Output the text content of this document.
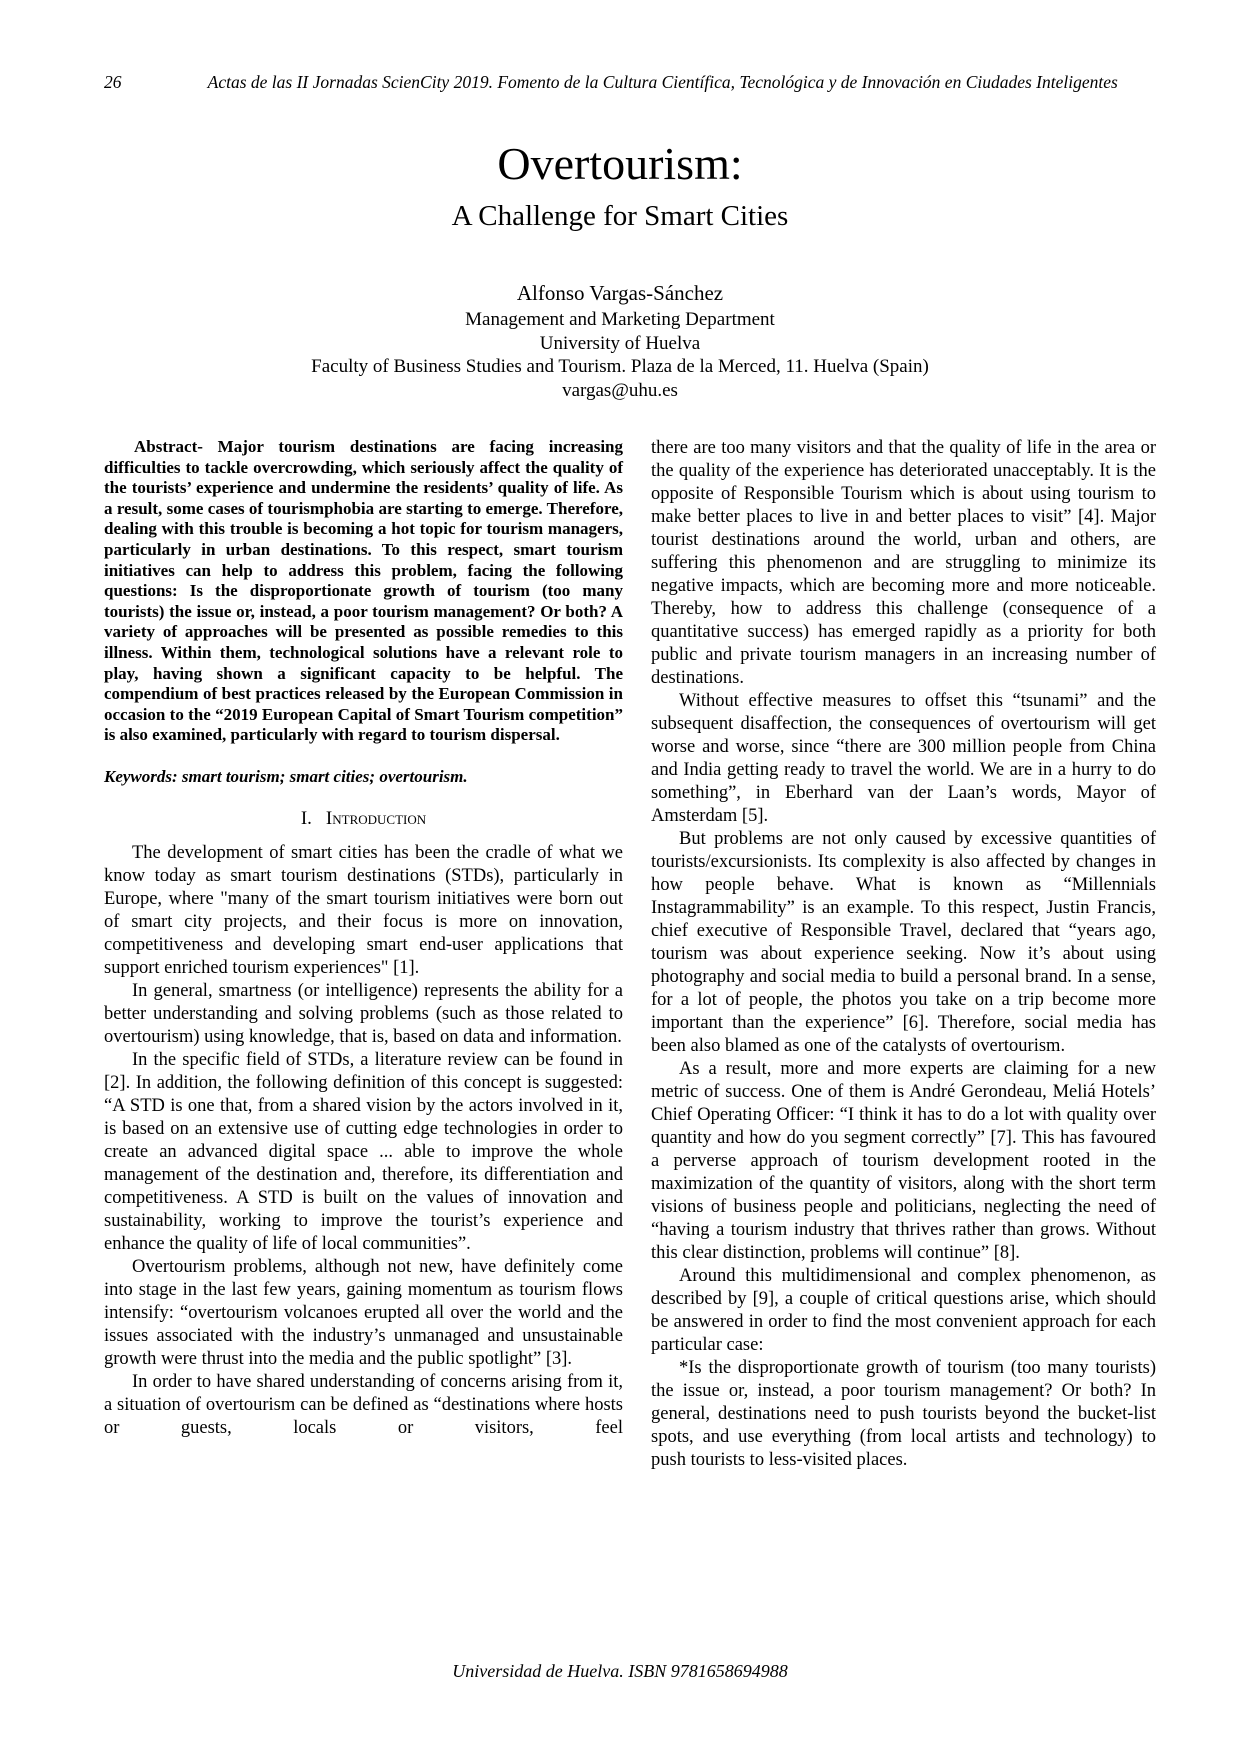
26	Actas de las II Jornadas ScienCity 2019. Fomento de la Cultura Científica, Tecnológica y de Innovación en Ciudades Inteligentes
Overtourism:
A Challenge for Smart Cities
Alfonso Vargas-Sánchez
Management and Marketing Department
University of Huelva
Faculty of Business Studies and Tourism. Plaza de la Merced, 11. Huelva (Spain)
vargas@uhu.es

Abstract- Major tourism destinations are facing increasing difficulties to tackle overcrowding, which seriously affect the quality of the tourists’ experience and undermine the residents’ quality of life. As a result, some cases of tourismphobia are starting to emerge. Therefore, dealing with this trouble is becoming a hot topic for tourism managers, particularly in urban destinations. To this respect, smart tourism initiatives can help to address this problem, facing the following questions: Is the disproportionate growth of tourism (too many tourists) the issue or, instead, a poor tourism management? Or both? A variety of approaches will be presented as possible remedies to this illness. Within them, technological solutions have a relevant role to play, having shown a significant capacity to be helpful. The compendium of best practices released by the European Commission in occasion to the “2019 European Capital of Smart Tourism competition” is also examined, particularly with regard to tourism dispersal.

Keywords: smart tourism; smart cities; overtourism.

I. Introduction

The development of smart cities has been the cradle of what we know today as smart tourism destinations (STDs), particularly in Europe, where "many of the smart tourism initiatives were born out of smart city projects, and their focus is more on innovation, competitiveness and developing smart end-user applications that support enriched tourism experiences" [1].

In general, smartness (or intelligence) represents the ability for a better understanding and solving problems (such as those related to overtourism) using knowledge, that is, based on data and information.

In the specific field of STDs, a literature review can be found in [2]. In addition, the following definition of this concept is suggested: “A STD is one that, from a shared vision by the actors involved in it, is based on an extensive use of cutting edge technologies in order to create an advanced digital space ... able to improve the whole management of the destination and, therefore, its differentiation and competitiveness. A STD is built on the values of innovation and sustainability, working to improve the tourist’s experience and enhance the quality of life of local communities”.

Overtourism problems, although not new, have definitely come into stage in the last few years, gaining momentum as tourism flows intensify: “overtourism volcanoes erupted all over the world and the issues associated with the industry’s unmanaged and unsustainable growth were thrust into the media and the public spotlight” [3].

In order to have shared understanding of concerns arising from it, a situation of overtourism can be defined as “destinations where hosts or guests, locals or visitors, feel

there are too many visitors and that the quality of life in the area or the quality of the experience has deteriorated unacceptably. It is the opposite of Responsible Tourism which is about using tourism to make better places to live in and better places to visit” [4]. Major tourist destinations around the world, urban and others, are suffering this phenomenon and are struggling to minimize its negative impacts, which are becoming more and more noticeable. Thereby, how to address this challenge (consequence of a quantitative success) has emerged rapidly as a priority for both public and private tourism managers in an increasing number of destinations.

Without effective measures to offset this “tsunami” and the subsequent disaffection, the consequences of overtourism will get worse and worse, since “there are 300 million people from China and India getting ready to travel the world. We are in a hurry to do something”, in Eberhard van der Laan’s words, Mayor of Amsterdam [5].

But problems are not only caused by excessive quantities of tourists/excursionists. Its complexity is also affected by changes in how people behave. What is known as “Millennials Instagrammability” is an example. To this respect, Justin Francis, chief executive of Responsible Travel, declared that “years ago, tourism was about experience seeking. Now it’s about using photography and social media to build a personal brand. In a sense, for a lot of people, the photos you take on a trip become more important than the experience” [6]. Therefore, social media has been also blamed as one of the catalysts of overtourism.

As a result, more and more experts are claiming for a new metric of success. One of them is André Gerondeau, Meliá Hotels’ Chief Operating Officer: “I think it has to do a lot with quality over quantity and how do you segment correctly” [7]. This has favoured a perverse approach of tourism development rooted in the maximization of the quantity of visitors, along with the short term visions of business people and politicians, neglecting the need of “having a tourism industry that thrives rather than grows. Without this clear distinction, problems will continue” [8].

Around this multidimensional and complex phenomenon, as described by [9], a couple of critical questions arise, which should be answered in order to find the most convenient approach for each particular case:

*Is the disproportionate growth of tourism (too many tourists) the issue or, instead, a poor tourism management? Or both? In general, destinations need to push tourists beyond the bucket-list spots, and use everything (from local artists and technology) to push tourists to less-visited places.

Universidad de Huelva. ISBN 9781658694988
